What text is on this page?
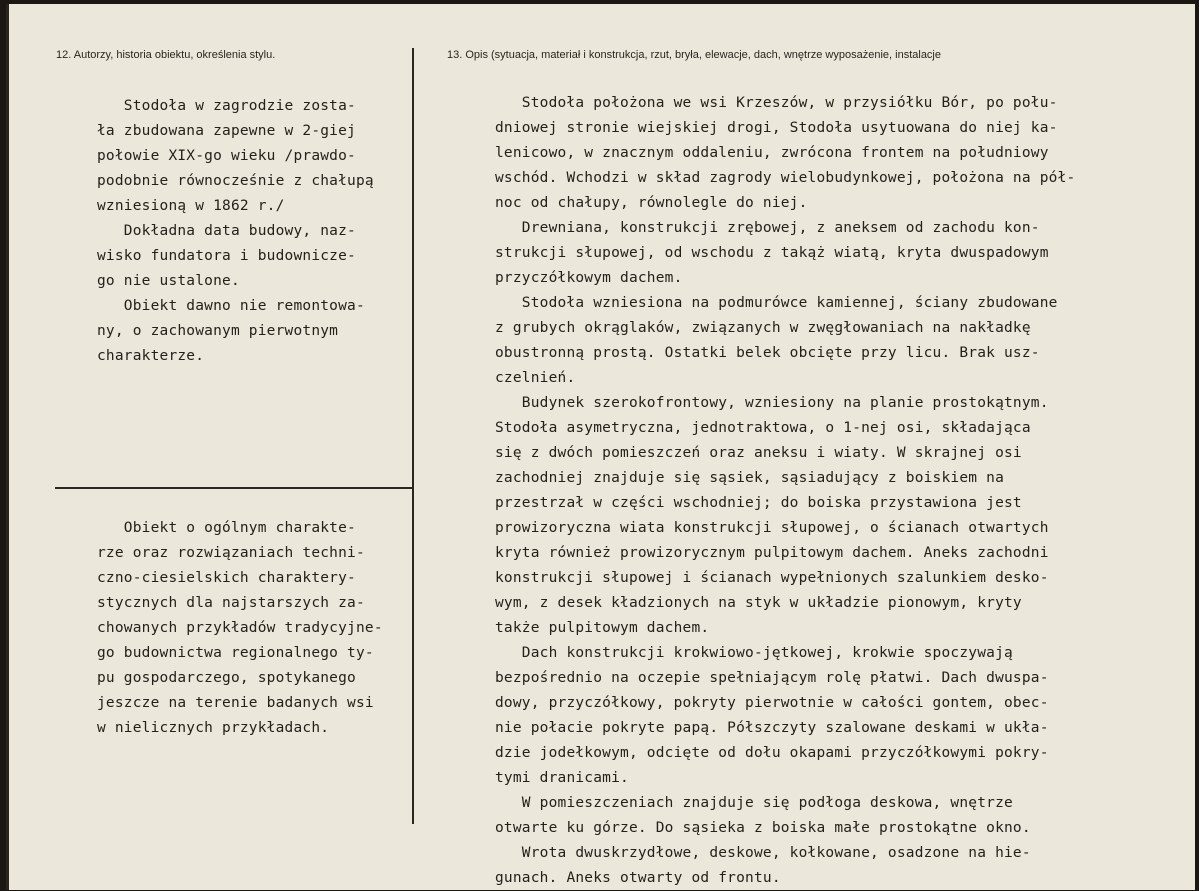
12. Autorzy, historia obiektu, określenia stylu.	13. Opis (sytuacja, materiał i konstrukcja, rzut, bryła, elewacje, dach, wnętrze wyposażenie, instalacje
Stodoła w zagrodzie zosta-
ła zbudowana zapewne w 2-giej
połowie XIX-go wieku /prawdo-
podobnie równocześnie z chałupą
wzniesioną w 1862 r./
Dokładna data budowy, naz-
wisko fundatora i budownicze-
go nie ustalone.
Obiekt dawno nie remontowa-
ny, o zachowanym pierwotnym
charakterze.
Obiekt o ogólnym charakte-
rze oraz rozwiązaniach techni-
czno-ciesielskich charaktery-
stycznych dla najstarszych za-
chowanych przykładów tradycyjne-
go budownictwa regionalnego ty-
pu gospodarczego, spotykanego
jeszcze na terenie badanych wsi
w nielicznych przykładach.
Stodoła położona we wsi Krzeszów, w przysiółku Bór, po połu-
dniowej stronie wiejskiej drogi, Stodoła usytuowana do niej ka-
lenicowo, w znacznym oddaleniu, zwrócona frontem na południowy
wschód. Wchodzi w skład zagrody wielobudynkowej, położona na pół-
noc od chałupy, równolegle do niej.
Drewniana, konstrukcji zrębowej, z aneksem od zachodu kon-
strukcji słupowej, od wschodu z takąż wiatą, kryta dwuspadowym
przyczółkowym dachem.
Stodoła wzniesiona na podmurówce kamiennej, ściany zbudowane
z grubych okrąglaków, związanych w zwęgłowaniach na nakładkę
obustronną prostą. Ostatki belek obcięte przy licu. Brak usz-
czelnień.
Budynek szerokofrontowy, wzniesiony na planie prostokątnym.
Stodoła asymetryczna, jednotraktowa, o 1-nej osi, składająca
się z dwóch pomieszczeń oraz aneksu i wiaty. W skrajnej osi
zachodniej znajduje się sąsiek, sąsiadujący z boiskiem na
przestrzał w części wschodniej; do boiska przystawiona jest
prowizoryczna wiata konstrukcji słupowej, o ścianach otwartych
kryta również prowizorycznym pulpitowym dachem. Aneks zachodni
konstrukcji słupowej i ścianach wypełnionych szalunkiem desko-
wym, z desek kładzionych na styk w układzie pionowym, kryty
także pulpitowym dachem.
Dach konstrukcji krokwiowo-jętkowej, krokwie spoczywają
bezpośrednio na oczepie spełniającym rolę płatwi. Dach dwuspa-
dowy, przyczółkowy, pokryty pierwotnie w całości gontem, obec-
nie połacie pokryte papą. Półszczyty szalowane deskami w ukła-
dzie jodełkowym, odcięte od dołu okapami przyczółkowymi pokry-
tymi dranicami.
W pomieszczeniach znajduje się podłoga deskowa, wnętrze
otwarte ku górze. Do sąsieka z boiska małe prostokątne okno.
Wrota dwuskrzydłowe, deskowe, kołkowane, osadzone na hie-
gunach. Aneks otwarty od frontu.
